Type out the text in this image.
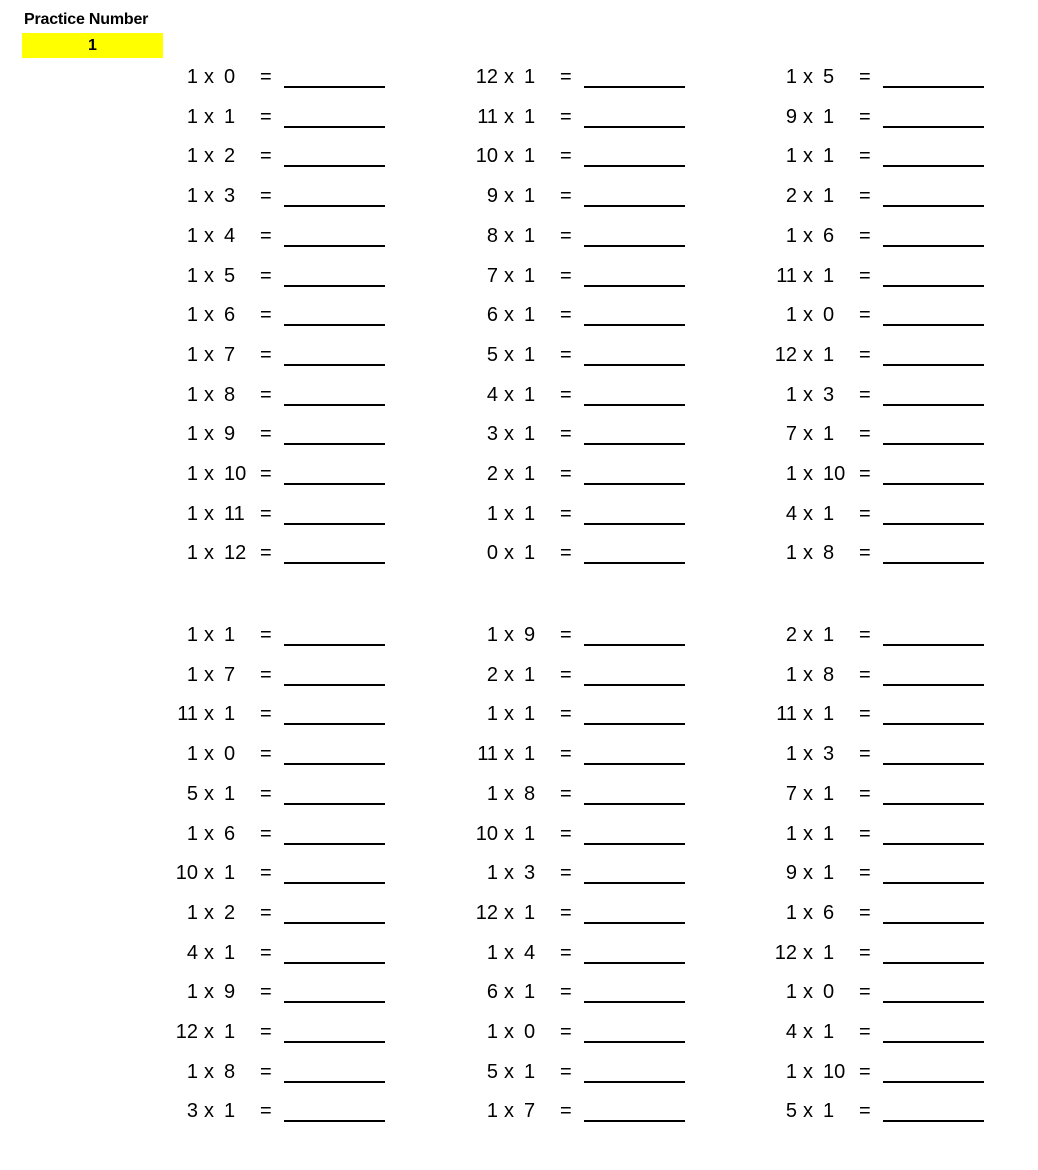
Practice Number
1
1 x 0 =
1 x 1 =
1 x 2 =
1 x 3 =
1 x 4 =
1 x 5 =
1 x 6 =
1 x 7 =
1 x 8 =
1 x 9 =
1 x 10 =
1 x 11 =
1 x 12 =
12 x 1 =
11 x 1 =
10 x 1 =
9 x 1 =
8 x 1 =
7 x 1 =
6 x 1 =
5 x 1 =
4 x 1 =
3 x 1 =
2 x 1 =
1 x 1 =
0 x 1 =
1 x 5 =
9 x 1 =
1 x 1 =
2 x 1 =
1 x 6 =
11 x 1 =
1 x 0 =
12 x 1 =
1 x 3 =
7 x 1 =
1 x 10 =
4 x 1 =
1 x 8 =
1 x 1 =
1 x 7 =
11 x 1 =
1 x 0 =
5 x 1 =
1 x 6 =
10 x 1 =
1 x 2 =
4 x 1 =
1 x 9 =
12 x 1 =
1 x 8 =
3 x 1 =
1 x 9 =
2 x 1 =
1 x 1 =
11 x 1 =
1 x 8 =
10 x 1 =
1 x 3 =
12 x 1 =
1 x 4 =
6 x 1 =
1 x 0 =
5 x 1 =
1 x 7 =
2 x 1 =
1 x 8 =
11 x 1 =
1 x 3 =
7 x 1 =
1 x 1 =
9 x 1 =
1 x 6 =
12 x 1 =
1 x 0 =
4 x 1 =
1 x 10 =
5 x 1 =
